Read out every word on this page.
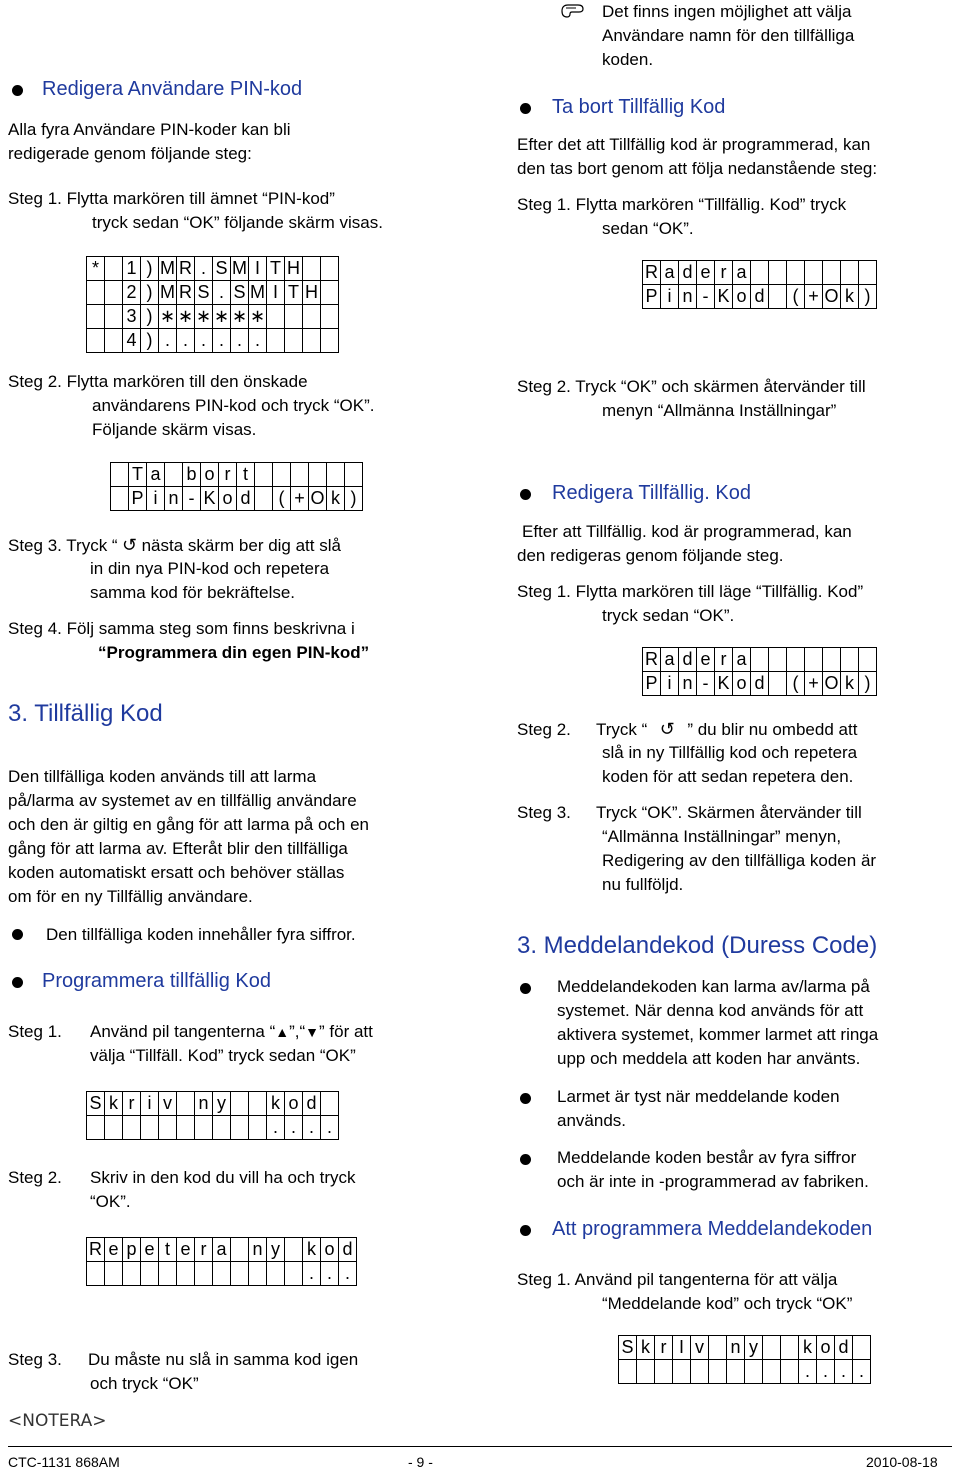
Redigera Användare PIN-kod
Alla fyra Användare PIN-koder kan bli
redigerade genom följande steg:
Steg 1. Flytta markören till ämnet “PIN-kod”
tryck sedan “OK” följande skärm visas.
*		1	)	M	R	.	S	M	I	T	H		
		2	)	M	R	S	.	S	M	I	T	H	
		3	)	∗	∗	∗	∗	∗	∗				
		4	)	.	.	.	.	.	.				
Steg 2. Flytta markören till den önskade
användarens PIN-kod och tryck “OK”.
Följande skärm visas.
	T	a		b	o	r	t						
	P	i	n	-	K	o	d		(	+	O	k	)
Steg 3. Tryck “ ↺ nästa skärm ber dig att slå
in din nya PIN-kod och repetera
samma kod för bekräftelse.
Steg 4. Följ samma steg som finns beskrivna i
“Programmera din egen PIN-kod”
3. Tillfällig Kod
Den tillfälliga koden används till att larma
på/larma av systemet av en tillfällig användare
och den är giltig en gång för att larma på och en
gång för att larma av. Efteråt blir den tillfälliga
koden automatiskt ersatt och behöver ställas
om för en ny Tillfällig användare.
Den tillfälliga koden innehåller fyra siffror.
Programmera tillfällig Kod
Steg 1. Använd pil tangenterna “▲”,“▼” för att
välja “Tillfäll. Kod” tryck sedan “OK”
S	k	r	i	v		n	y			k	o	d	
										.	.	.	.
Steg 2. Skriv in den kod du vill ha och tryck
“OK”.
R	e	p	e	t	e	r	a		n	y		k	o	d
												.	.	.
Steg 3. Du måste nu slå in samma kod igen
och tryck “OK”
<NOTERA>
Det finns ingen möjlighet att välja
Användare namn för den tillfälliga
koden.
Ta bort Tillfällig Kod
Efter det att Tillfällig kod är programmerad, kan
den tas bort genom att följa nedanstående steg:
Steg 1. Flytta markören “Tillfällig. Kod” tryck
sedan “OK”.
R	a	d	e	r	a							
P	i	n	-	K	o	d		(	+	O	k	)
Steg 2. Tryck “OK” och skärmen återvänder till
menyn “Allmänna Inställningar”
Redigera Tillfällig. Kod
Efter att Tillfällig. kod är programmerad, kan
den redigeras genom följande steg.
Steg 1. Flytta markören till läge “Tillfällig. Kod”
tryck sedan “OK”.
R	a	d	e	r	a							
P	i	n	-	K	o	d		(	+	O	k	)
Steg 2. Tryck “ ↺ ” du blir nu ombedd att
slå in ny Tillfällig kod och repetera
koden för att sedan repetera den.
Steg 3. Tryck “OK”. Skärmen återvänder till
“Allmänna Inställningar” menyn,
Redigering av den tillfälliga koden är
nu fullföljd.
3. Meddelandekod (Duress Code)
Meddelandekoden kan larma av/larma på
systemet. När denna kod används för att
aktivera systemet, kommer larmet att ringa
upp och meddela att koden har använts.
Larmet är tyst när meddelande koden
används.
Meddelande koden består av fyra siffror
och är inte in -programmerad av fabriken.
Att programmera Meddelandekoden
Steg 1. Använd pil tangenterna för att välja
“Meddelande kod” och tryck “OK”
S	k	r	I	v		n	y			k	o	d	
										.	.	.	.
CTC-1131 868AM	- 9 -	2010-08-18
